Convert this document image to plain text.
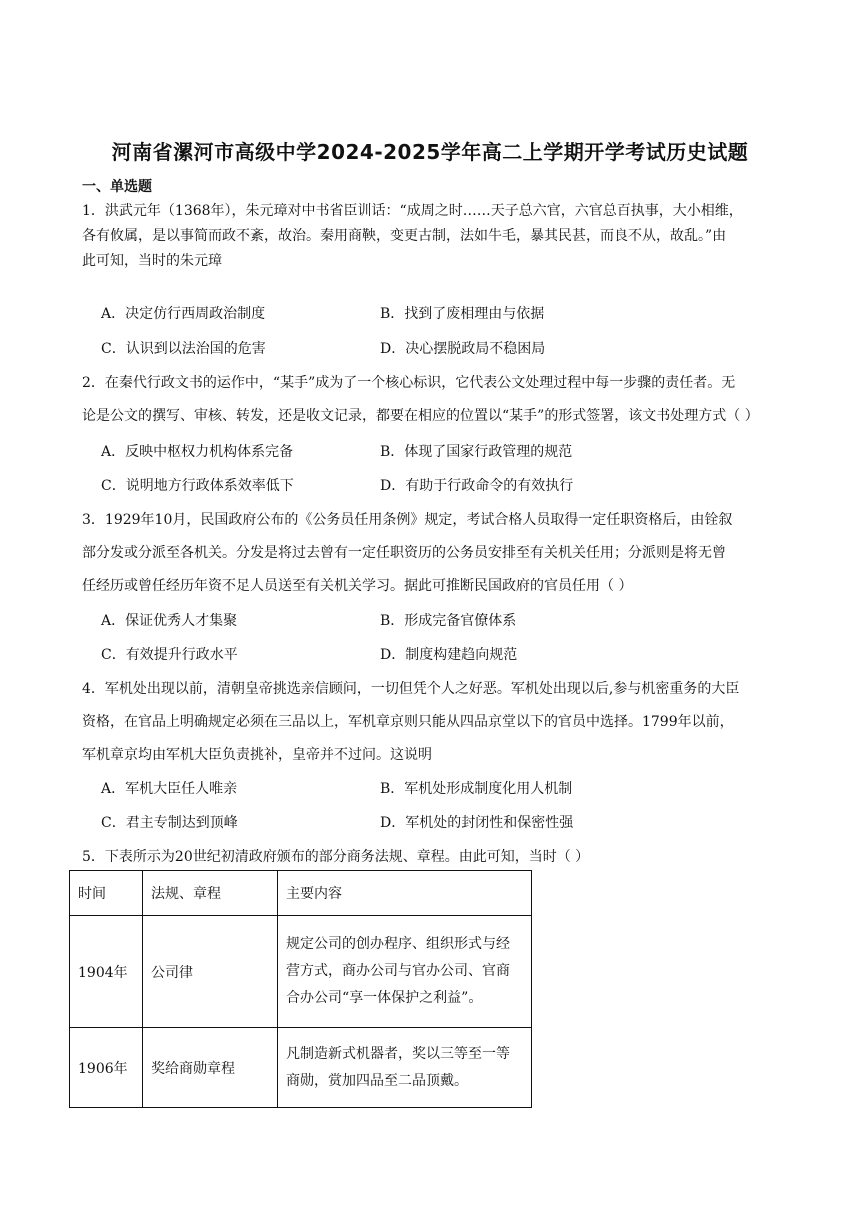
河南省漯河市高级中学2024-2025学年高二上学期开学考试历史试题
一、单选题
1．洪武元年（1368年），朱元璋对中书省臣训话：“成周之时……天子总六官，六官总百执事，大小相维，
各有攸属，是以事简而政不紊，故治。秦用商鞅，变更古制，法如牛毛，暴其民甚，而良不从，故乱。”由
此可知，当时的朱元璋
A．决定仿行西周政治制度	B．找到了废相理由与依据
C．认识到以法治国的危害	D．决心摆脱政局不稳困局
2．在秦代行政文书的运作中，“某手”成为了一个核心标识，它代表公文处理过程中每一步骤的责任者。无
论是公文的撰写、审核、转发，还是收文记录，都要在相应的位置以“某手”的形式签署，该文书处理方式（ ）
A．反映中枢权力机构体系完备	B．体现了国家行政管理的规范
C．说明地方行政体系效率低下	D．有助于行政命令的有效执行
3．1929年10月，民国政府公布的《公务员任用条例》规定，考试合格人员取得一定任职资格后，由铨叙
部分发或分派至各机关。分发是将过去曾有一定任职资历的公务员安排至有关机关任用；分派则是将无曾
任经历或曾任经历年资不足人员送至有关机关学习。据此可推断民国政府的官员任用（ ）
A．保证优秀人才集聚	B．形成完备官僚体系
C．有效提升行政水平	D．制度构建趋向规范
4．军机处出现以前，清朝皇帝挑选亲信顾问，一切但凭个人之好恶。军机处出现以后,参与机密重务的大臣
资格，在官品上明确规定必须在三品以上，军机章京则只能从四品京堂以下的官员中选择。1799年以前，
军机章京均由军机大臣负责挑补，皇帝并不过问。这说明
A．军机大臣任人唯亲	B．军机处形成制度化用人机制
C．君主专制达到顶峰	D．军机处的封闭性和保密性强
5．下表所示为20世纪初清政府颁布的部分商务法规、章程。由此可知，当时（ ）
时间	法规、章程	主要内容
1904年	公司律	规定公司的创办程序、组织形式与经
营方式，商办公司与官办公司、官商
合办公司“享一体保护之利益”。

1906年	奖给商勋章程	凡制造新式机器者，奖以三等至一等
商勋，赏加四品至二品顶戴。
